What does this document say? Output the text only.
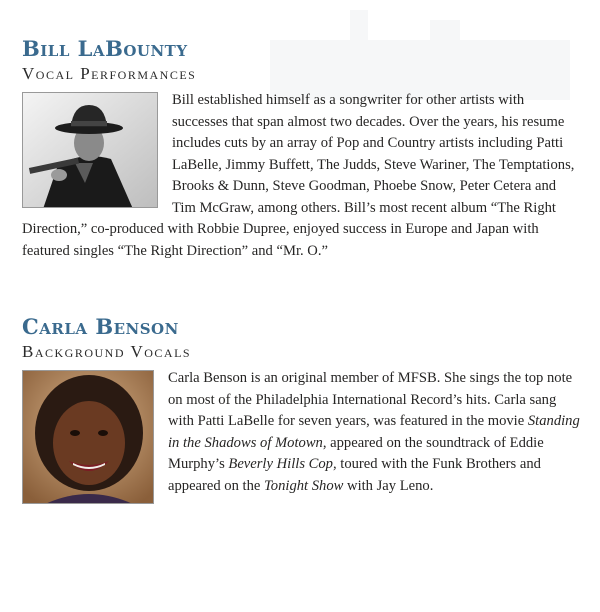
Bill LaBounty
Vocal Performances

Bill established himself as a songwriter for other artists with successes that span almost two decades. Over the years, his resume includes cuts by an array of Pop and Country artists including Patti LaBelle, Jimmy Buffett, The Judds, Steve Wariner, The Temptations, Brooks & Dunn, Steve Goodman, Phoebe Snow, Peter Cetera and Tim McGraw, among others. Bill’s most recent album “The Right Direction,” co-produced with Robbie Dupree, enjoyed success in Europe and Japan with featured singles “The Right Direction” and “Mr. O.”

Carla Benson
Background Vocals

Carla Benson is an original member of MFSB. She sings the top note on most of the Philadelphia International Record’s hits. Carla sang with Patti LaBelle for seven years, was featured in the movie Standing in the Shadows of Motown, appeared on the soundtrack of Eddie Murphy’s Beverly Hills Cop, toured with the Funk Brothers and appeared on the Tonight Show with Jay Leno.
